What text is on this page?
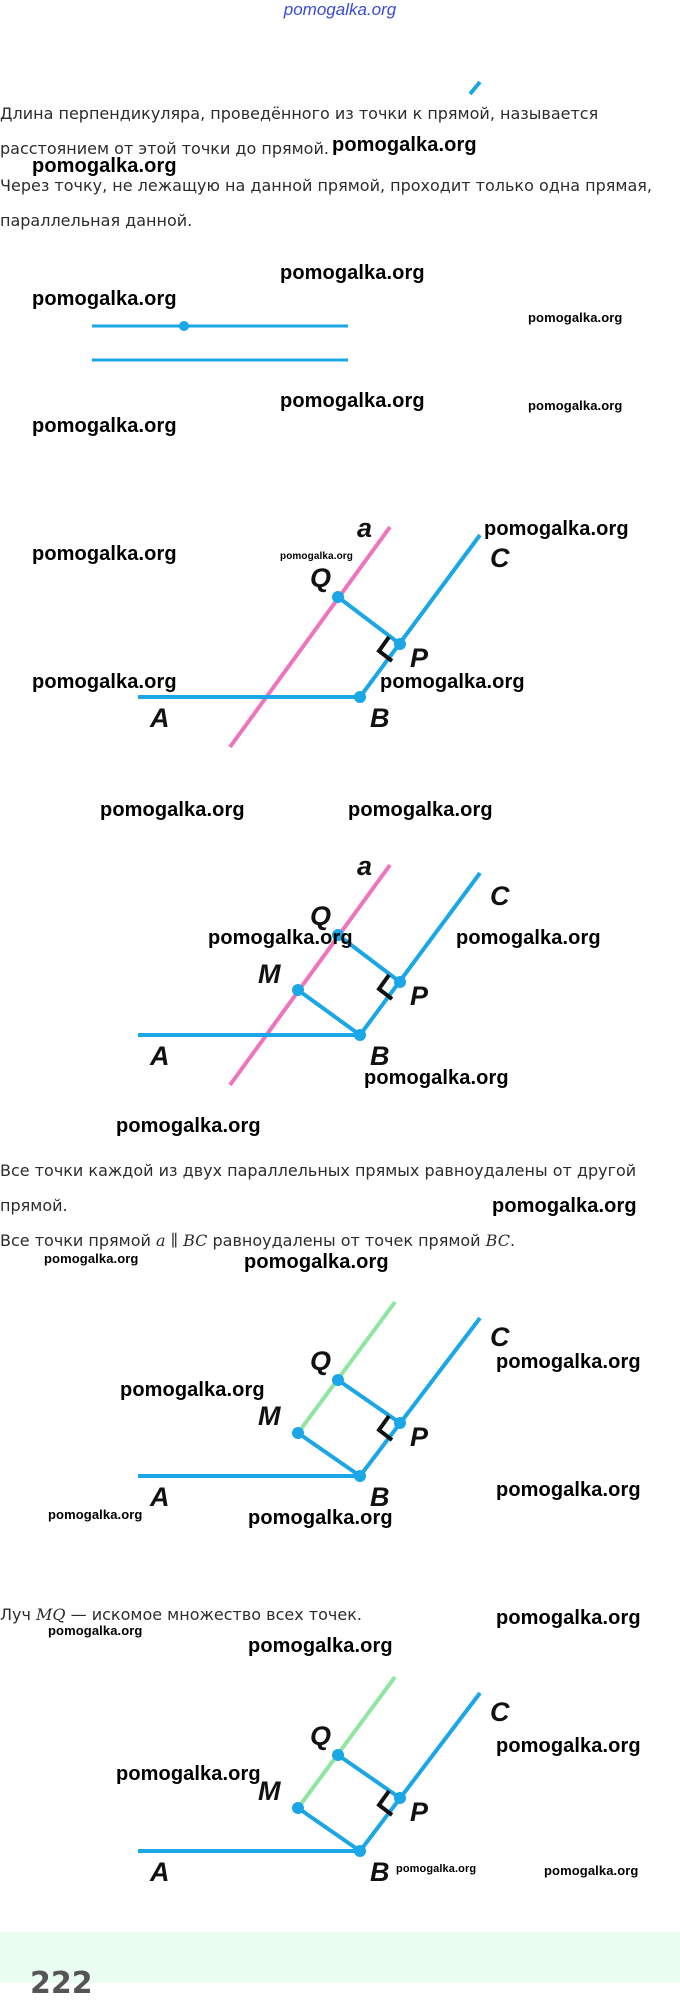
pomogalka.org
Длина перпендикуляра, проведённого из точки к прямой, называется
расстоянием от этой точки до прямой.
Через точку, не лежащую на данной прямой, проходит только одна прямая,
параллельная данной.
a
Q
C
P
A	B
a
Q
M
C
P
A	B
Все точки каждой из двух параллельных прямых равноудалены от другой
прямой.
Все точки прямой a ∥ BC равноудалены от точек прямой BC.
Q
M
C
P
A	B
Луч MQ — искомое множество всех точек.
Q
M
C
P
A	B
pomogalka.org
pomogalka.org
pomogalka.org
pomogalka.org
pomogalka.org
pomogalka.org
pomogalka.org
pomogalka.org
pomogalka.org
pomogalka.org	pomogalka.org
pomogalka.org	pomogalka.org
pomogalka.org	pomogalka.org
pomogalka.org	pomogalka.org
pomogalka.org
pomogalka.org
pomogalka.org
pomogalka.org	pomogalka.org
pomogalka.org
pomogalka.org
pomogalka.org
pomogalka.org	pomogalka.org
pomogalka.org
pomogalka.org
pomogalka.org
pomogalka.org
pomogalka.org
pomogalka.org	pomogalka.org
222
